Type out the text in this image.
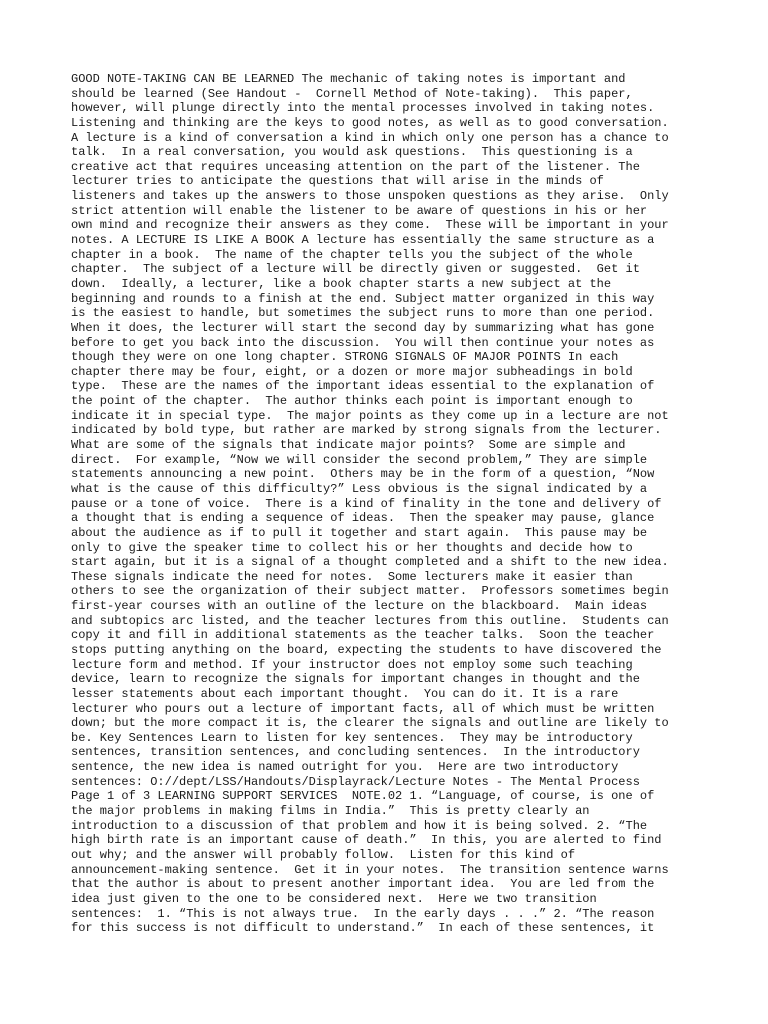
GOOD NOTE-TAKING CAN BE LEARNED The mechanic of taking notes is important and
should be learned (See Handout -  Cornell Method of Note-taking).  This paper,
however, will plunge directly into the mental processes involved in taking notes.
Listening and thinking are the keys to good notes, as well as to good conversation.
A lecture is a kind of conversation a kind in which only one person has a chance to
talk.  In a real conversation, you would ask questions.  This questioning is a
creative act that requires unceasing attention on the part of the listener. The
lecturer tries to anticipate the questions that will arise in the minds of
listeners and takes up the answers to those unspoken questions as they arise.  Only
strict attention will enable the listener to be aware of questions in his or her
own mind and recognize their answers as they come.  These will be important in your
notes. A LECTURE IS LIKE A BOOK A lecture has essentially the same structure as a
chapter in a book.  The name of the chapter tells you the subject of the whole
chapter.  The subject of a lecture will be directly given or suggested.  Get it
down.  Ideally, a lecturer, like a book chapter starts a new subject at the
beginning and rounds to a finish at the end. Subject matter organized in this way
is the easiest to handle, but sometimes the subject runs to more than one period.
When it does, the lecturer will start the second day by summarizing what has gone
before to get you back into the discussion.  You will then continue your notes as
though they were on one long chapter. STRONG SIGNALS OF MAJOR POINTS In each
chapter there may be four, eight, or a dozen or more major subheadings in bold
type.  These are the names of the important ideas essential to the explanation of
the point of the chapter.  The author thinks each point is important enough to
indicate it in special type.  The major points as they come up in a lecture are not
indicated by bold type, but rather are marked by strong signals from the lecturer.
What are some of the signals that indicate major points?  Some are simple and
direct.  For example, “Now we will consider the second problem,” They are simple
statements announcing a new point.  Others may be in the form of a question, “Now
what is the cause of this difficulty?” Less obvious is the signal indicated by a
pause or a tone of voice.  There is a kind of finality in the tone and delivery of
a thought that is ending a sequence of ideas.  Then the speaker may pause, glance
about the audience as if to pull it together and start again.  This pause may be
only to give the speaker time to collect his or her thoughts and decide how to
start again, but it is a signal of a thought completed and a shift to the new idea.
These signals indicate the need for notes.  Some lecturers make it easier than
others to see the organization of their subject matter.  Professors sometimes begin
first-year courses with an outline of the lecture on the blackboard.  Main ideas
and subtopics arc listed, and the teacher lectures from this outline.  Students can
copy it and fill in additional statements as the teacher talks.  Soon the teacher
stops putting anything on the board, expecting the students to have discovered the
lecture form and method. If your instructor does not employ some such teaching
device, learn to recognize the signals for important changes in thought and the
lesser statements about each important thought.  You can do it. It is a rare
lecturer who pours out a lecture of important facts, all of which must be written
down; but the more compact it is, the clearer the signals and outline are likely to
be. Key Sentences Learn to listen for key sentences.  They may be introductory
sentences, transition sentences, and concluding sentences.  In the introductory
sentence, the new idea is named outright for you.  Here are two introductory
sentences: O://dept/LSS/Handouts/Displayrack/Lecture Notes - The Mental Process
Page 1 of 3 LEARNING SUPPORT SERVICES  NOTE.02 1. “Language, of course, is one of
the major problems in making films in India.”  This is pretty clearly an
introduction to a discussion of that problem and how it is being solved. 2. “The
high birth rate is an important cause of death.”  In this, you are alerted to find
out why; and the answer will probably follow.  Listen for this kind of
announcement-making sentence.  Get it in your notes.  The transition sentence warns
that the author is about to present another important idea.  You are led from the
idea just given to the one to be considered next.  Here we two transition
sentences:  1. “This is not always true.  In the early days . . .” 2. “The reason
for this success is not difficult to understand.”  In each of these sentences, it
